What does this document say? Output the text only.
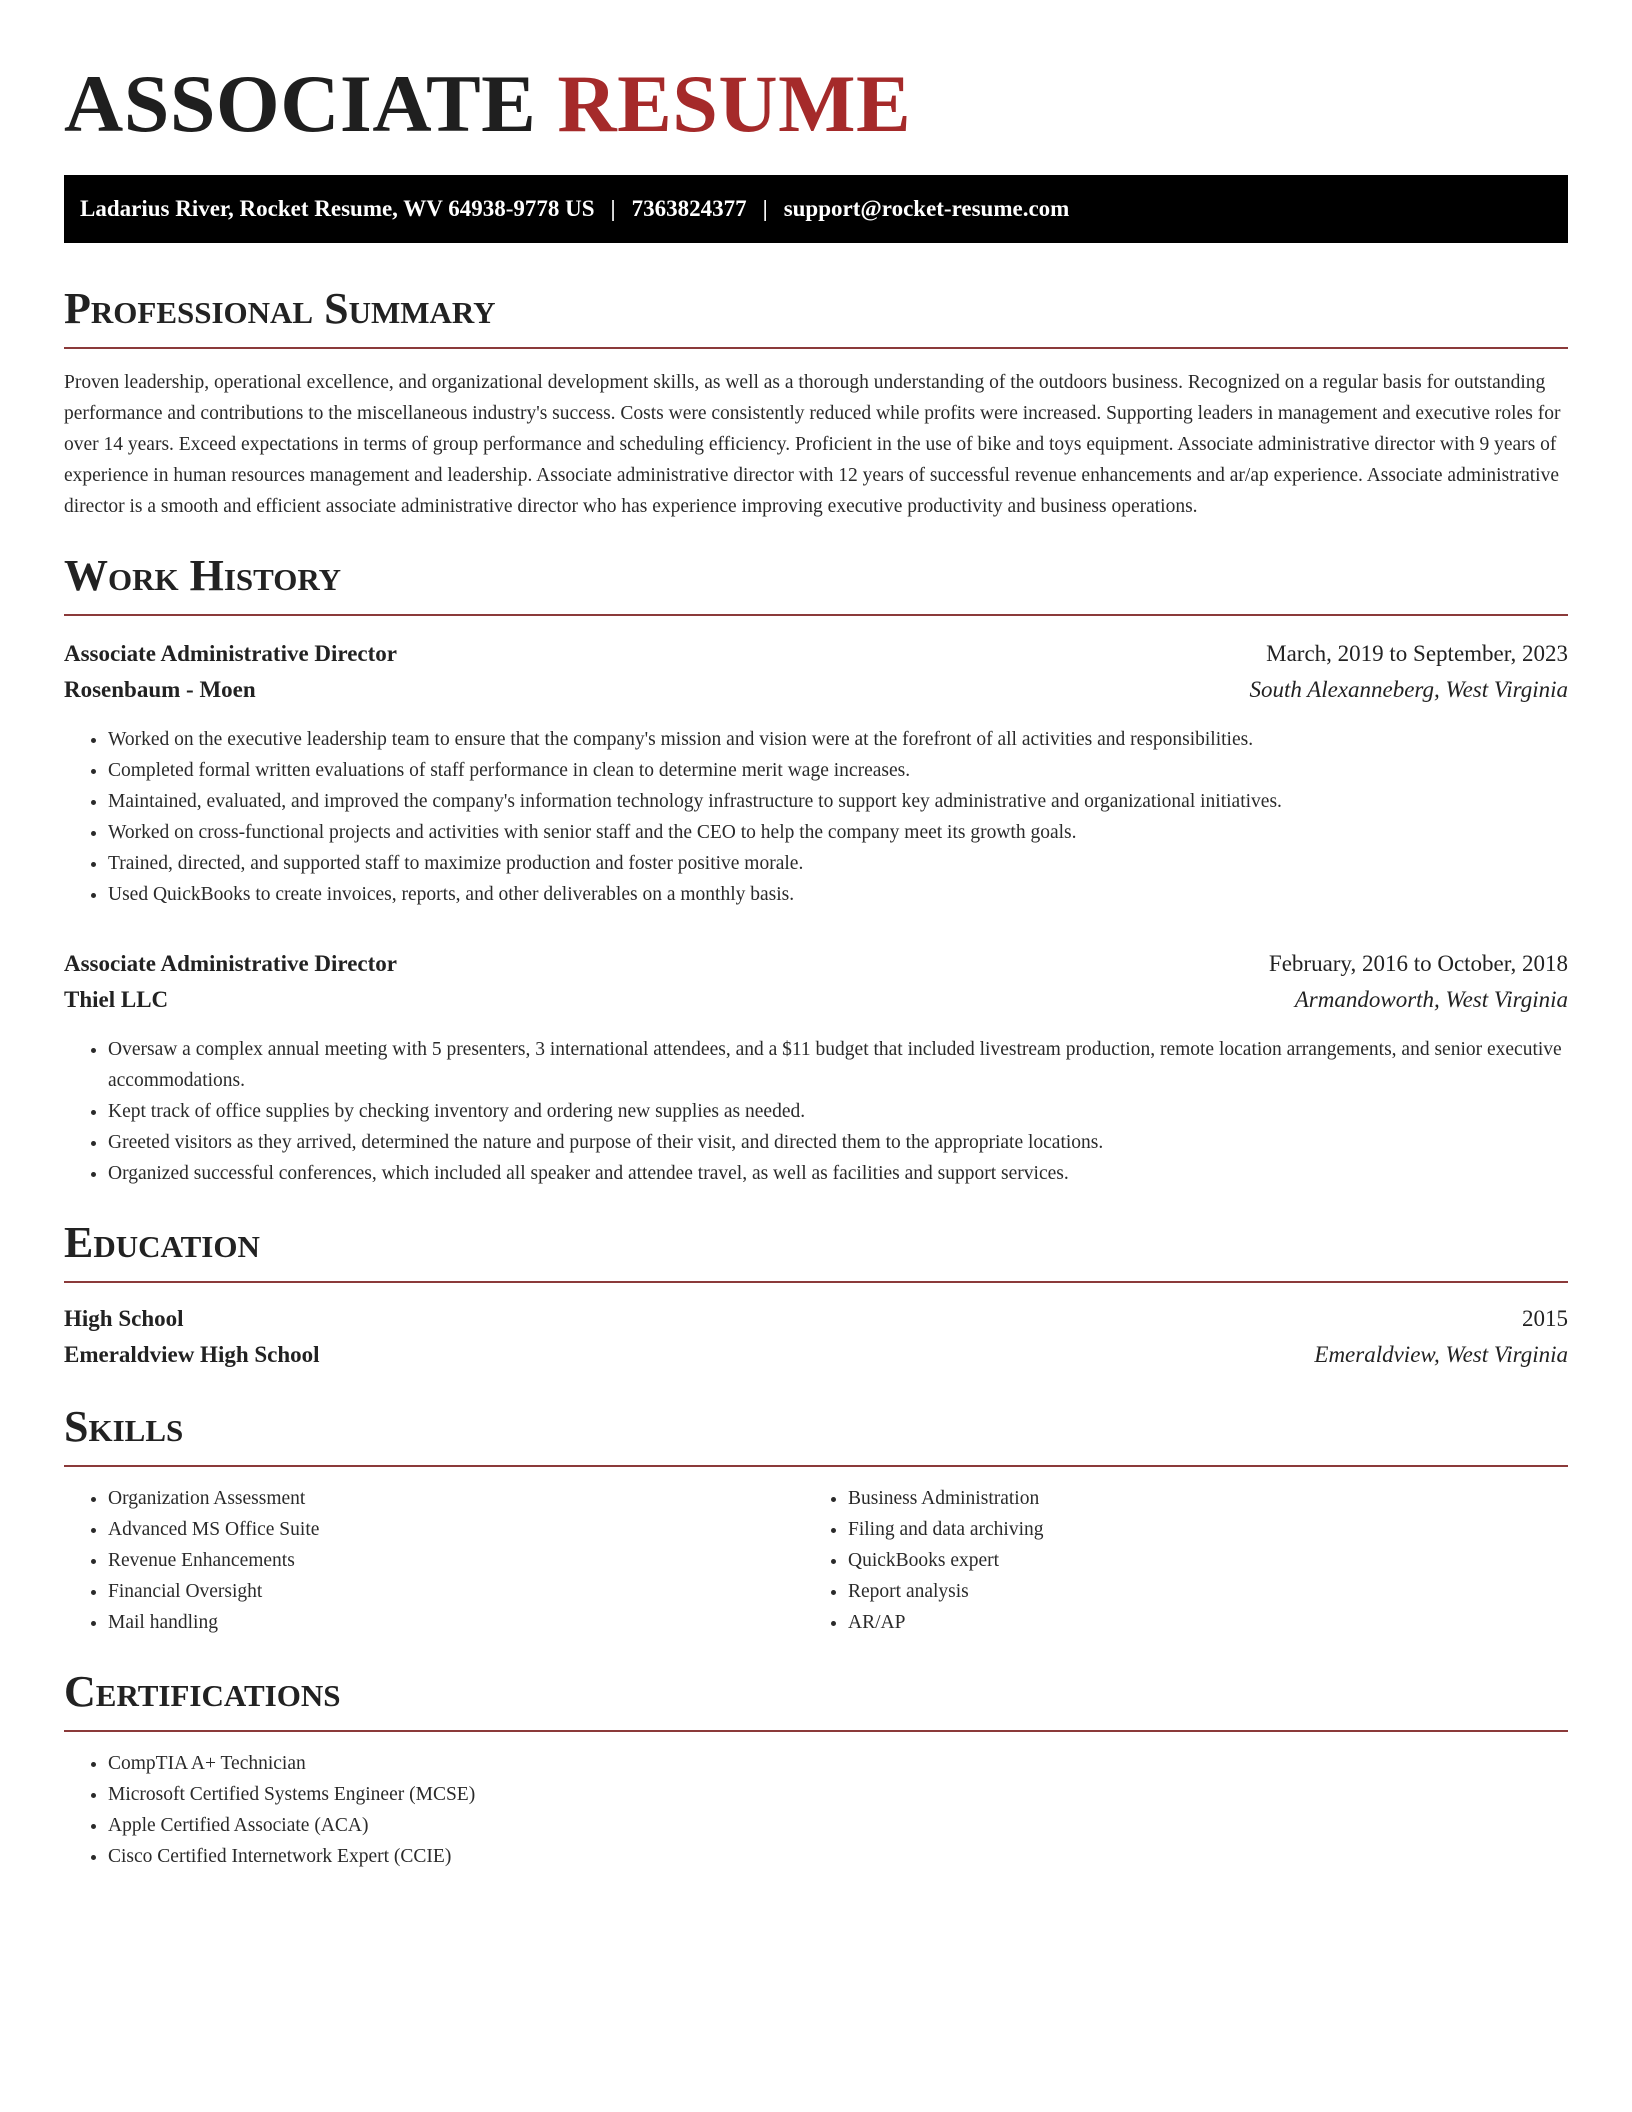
ASSOCIATE RESUME
Ladarius River, Rocket Resume, WV 64938-9778 US | 7363824377 | support@rocket-resume.com
Professional Summary

Proven leadership, operational excellence, and organizational development skills, as well as a thorough understanding of the outdoors business. Recognized on a regular basis for outstanding performance and contributions to the miscellaneous industry's success. Costs were consistently reduced while profits were increased. Supporting leaders in management and executive roles for over 14 years. Exceed expectations in terms of group performance and scheduling efficiency. Proficient in the use of bike and toys equipment. Associate administrative director with 9 years of experience in human resources management and leadership. Associate administrative director with 12 years of successful revenue enhancements and ar/ap experience. Associate administrative director is a smooth and efficient associate administrative director who has experience improving executive productivity and business operations.

Work History
Associate Administrative Director	March, 2019 to September, 2023
Rosenbaum - Moen	South Alexanneberg, West Virginia
• Worked on the executive leadership team to ensure that the company's mission and vision were at the forefront of all activities and responsibilities.
• Completed formal written evaluations of staff performance in clean to determine merit wage increases.
• Maintained, evaluated, and improved the company's information technology infrastructure to support key administrative and organizational initiatives.
• Worked on cross-functional projects and activities with senior staff and the CEO to help the company meet its growth goals.
• Trained, directed, and supported staff to maximize production and foster positive morale.
• Used QuickBooks to create invoices, reports, and other deliverables on a monthly basis.
Associate Administrative Director	February, 2016 to October, 2018
Thiel LLC	Armandoworth, West Virginia
• Oversaw a complex annual meeting with 5 presenters, 3 international attendees, and a $11 budget that included livestream production, remote location arrangements, and senior executive accommodations.
• Kept track of office supplies by checking inventory and ordering new supplies as needed.
• Greeted visitors as they arrived, determined the nature and purpose of their visit, and directed them to the appropriate locations.
• Organized successful conferences, which included all speaker and attendee travel, as well as facilities and support services.
Education
High School	2015
Emeraldview High School	Emeraldview, West Virginia
Skills
• Organization Assessment
• Advanced MS Office Suite
• Revenue Enhancements
• Financial Oversight
• Mail handling
• Business Administration
• Filing and data archiving
• QuickBooks expert
• Report analysis
• AR/AP
Certifications
• CompTIA A+ Technician
• Microsoft Certified Systems Engineer (MCSE)
• Apple Certified Associate (ACA)
• Cisco Certified Internetwork Expert (CCIE)
